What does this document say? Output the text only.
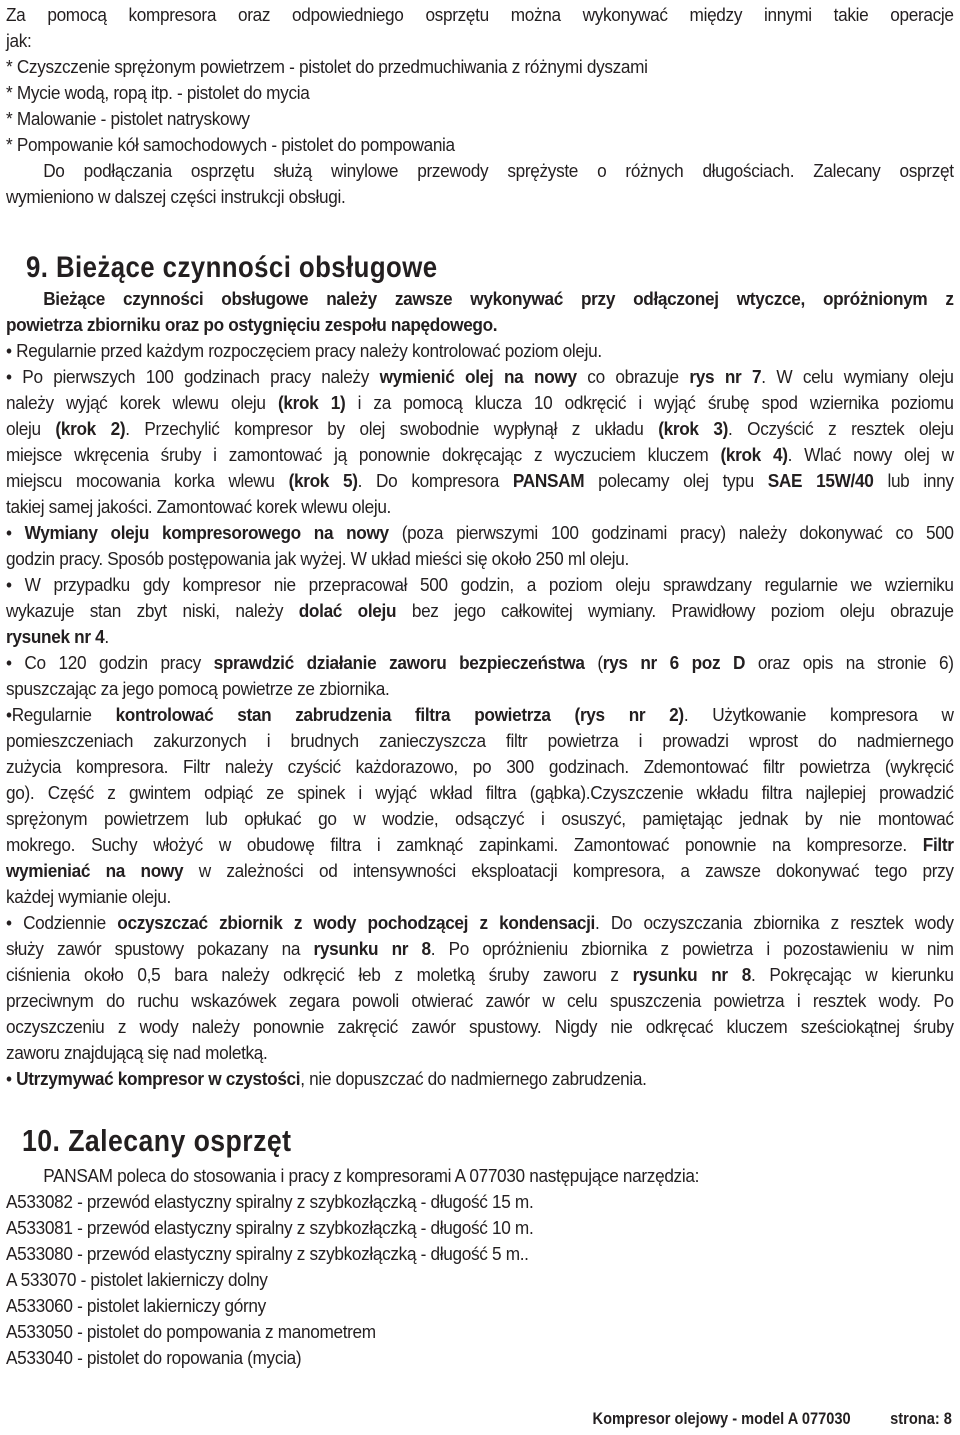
Za pomocą kompresora oraz odpowiedniego osprzętu można wykonywać między innymi takie operacje
jak:
* Czyszczenie sprężonym powietrzem - pistolet do przedmuchiwania z różnymi dyszami
* Mycie wodą, ropą itp. - pistolet do mycia
* Malowanie - pistolet natryskowy
* Pompowanie kół samochodowych - pistolet do pompowania
Do podłączania osprzętu służą winylowe przewody sprężyste o różnych długościach. Zalecany osprzęt
wymieniono w dalszej części instrukcji obsługi.
9. Bieżące czynności obsługowe
Bieżące czynności obsługowe należy zawsze wykonywać przy odłączonej wtyczce, opróżnionym z
powietrza zbiorniku oraz po ostygnięciu zespołu napędowego.
• Regularnie przed każdym rozpoczęciem pracy należy kontrolować poziom oleju.
• Po pierwszych 100 godzinach pracy należy wymienić olej na nowy co obrazuje rys nr 7. W celu wymiany oleju
należy wyjąć korek wlewu oleju (krok 1) i za pomocą klucza 10 odkręcić i wyjąć śrubę spod wziernika poziomu
oleju (krok 2). Przechylić kompresor by olej swobodnie wypłynął z układu (krok 3). Oczyścić z resztek oleju
miejsce wkręcenia śruby i zamontować ją ponownie dokręcając z wyczuciem kluczem (krok 4). Wlać nowy olej w
miejscu mocowania korka wlewu (krok 5). Do kompresora PANSAM polecamy olej typu SAE 15W/40 lub inny
takiej samej jakości. Zamontować korek wlewu oleju.
• Wymiany oleju kompresorowego na nowy (poza pierwszymi 100 godzinami pracy) należy dokonywać co 500
godzin pracy. Sposób postępowania jak wyżej. W układ mieści się około 250 ml oleju.
• W przypadku gdy kompresor nie przepracował 500 godzin, a poziom oleju sprawdzany regularnie we wzierniku
wykazuje stan zbyt niski, należy dolać oleju bez jego całkowitej wymiany. Prawidłowy poziom oleju obrazuje
rysunek nr 4.
• Co 120 godzin pracy sprawdzić działanie zaworu bezpieczeństwa (rys nr 6 poz D oraz opis na stronie 6)
spuszczając za jego pomocą powietrze ze zbiornika.
•Regularnie kontrolować stan zabrudzenia filtra powietrza (rys nr 2). Użytkowanie kompresora w
pomieszczeniach zakurzonych i brudnych zanieczyszcza filtr powietrza i prowadzi wprost do nadmiernego
zużycia kompresora. Filtr należy czyścić każdorazowo, po 300 godzinach. Zdemontować filtr powietrza (wykręcić
go). Część z gwintem odpiąć ze spinek i wyjąć wkład filtra (gąbka).Czyszczenie wkładu filtra najlepiej prowadzić
sprężonym powietrzem lub opłukać go w wodzie, odsączyć i osuszyć, pamiętając jednak by nie montować
mokrego. Suchy włożyć w obudowę filtra i zamknąć zapinkami. Zamontować ponownie na kompresorze. Filtr
wymieniać na nowy w zależności od intensywności eksploatacji kompresora, a zawsze dokonywać tego przy
każdej wymianie oleju.
• Codziennie oczyszczać zbiornik z wody pochodzącej z kondensacji. Do oczyszczania zbiornika z resztek wody
służy zawór spustowy pokazany na rysunku nr 8. Po opróżnieniu zbiornika z powietrza i pozostawieniu w nim
ciśnienia około 0,5 bara należy odkręcić łeb z moletką śruby zaworu z rysunku nr 8. Pokręcając w kierunku
przeciwnym do ruchu wskazówek zegara powoli otwierać zawór w celu spuszczenia powietrza i resztek wody. Po
oczyszczeniu z wody należy ponownie zakręcić zawór spustowy. Nigdy nie odkręcać kluczem sześciokątnej śruby
zaworu znajdującą się nad moletką.
• Utrzymywać kompresor w czystości, nie dopuszczać do nadmiernego zabrudzenia.
10. Zalecany osprzęt
PANSAM poleca do stosowania i pracy z kompresorami A 077030 następujące narzędzia:
A533082 - przewód elastyczny spiralny z szybkozłączką - długość 15 m.
A533081 - przewód elastyczny spiralny z szybkozłączką - długość 10 m.
A533080 - przewód elastyczny spiralny z szybkozłączką - długość 5 m..
A 533070 - pistolet lakierniczy dolny
A533060 - pistolet lakierniczy górny
A533050 - pistolet do pompowania z manometrem
A533040 - pistolet do ropowania (mycia)
Kompresor olejowy - model A 077030 strona: 8
